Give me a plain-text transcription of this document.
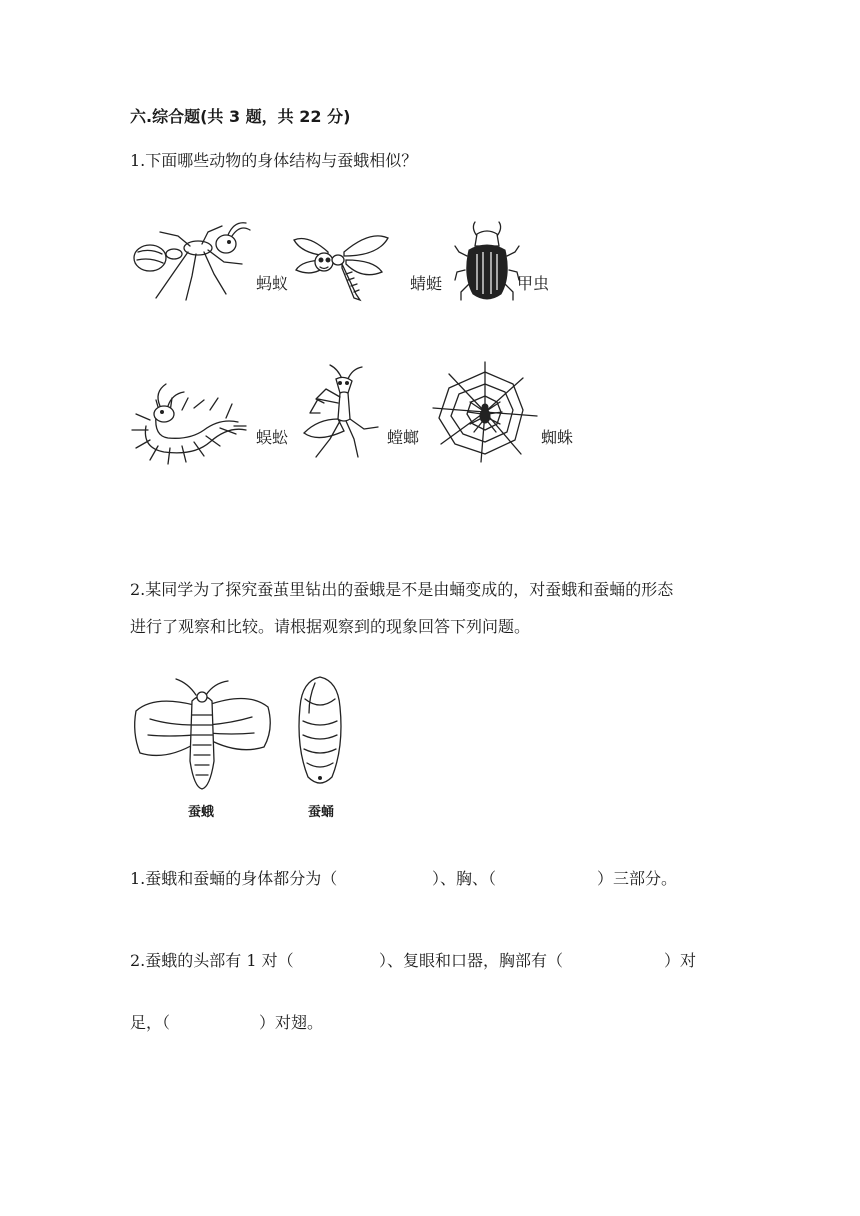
六.综合题(共 3 题，共 22 分)
1.下面哪些动物的身体结构与蚕蛾相似？
蚂蚁	蜻蜓	甲虫
蜈蚣	螳螂	蜘蛛
2.某同学为了探究蚕茧里钻出的蚕蛾是不是由蛹变成的，对蚕蛾和蚕蛹的形态
进行了观察和比较。请根据观察到的现象回答下列问题。
蚕蛾	蚕蛹
1.蚕蛾和蚕蛹的身体都分为（	）、胸、（	）三部分。
2.蚕蛾的头部有 1 对（	）、复眼和口器，胸部有（	）对
足，（	）对翅。
